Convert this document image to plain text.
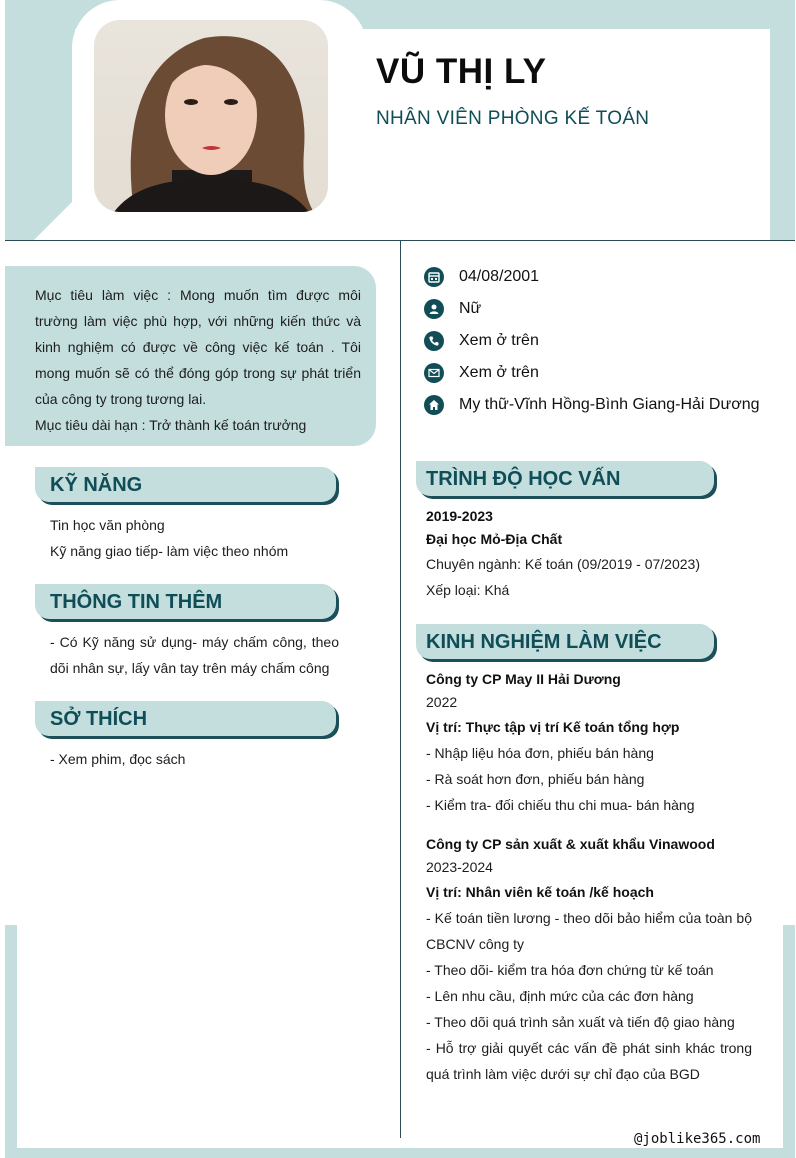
VŨ THỊ LY
NHÂN VIÊN PHÒNG KẾ TOÁN

Mục tiêu làm việc : Mong muốn tìm được môi trường làm việc phù hợp, với những kiến thức và kinh nghiệm có được về công việc kế toán . Tôi mong muốn sẽ có thể đóng góp trong sự phát triển của công ty trong tương lai.

Mục tiêu dài hạn : Trở thành kế toán trưởng

KỸ NĂNG
Tin học văn phòng
Kỹ năng giao tiếp- làm việc theo nhóm
THÔNG TIN THÊM
- Có Kỹ năng sử dụng- máy chấm công, theo dõi nhân sự, lấy vân tay trên máy chấm công
SỞ THÍCH
- Xem phim, đọc sách
04/08/2001
Nữ
Xem ở trên
Xem ở trên
My thữ-Vĩnh Hồng-Bình Giang-Hải Dương
TRÌNH ĐỘ HỌC VẤN
2019-2023
Đại học Mỏ-Địa Chất
Chuyên ngành: Kế toán (09/2019 - 07/2023)
Xếp loại: Khá
KINH NGHIỆM LÀM VIỆC
Công ty CP May II Hải Dương
2022
Vị trí: Thực tập vị trí Kế toán tổng hợp
- Nhập liệu hóa đơn, phiếu bán hàng
- Rà soát hơn đơn, phiếu bán hàng
- Kiểm tra- đối chiếu thu chi mua- bán hàng
Công ty CP sản xuất & xuất khẩu Vinawood
2023-2024
Vị trí: Nhân viên kế toán /kế hoạch
- Kế toán tiền lương - theo dõi bảo hiểm của toàn bộ CBCNV công ty
- Theo dõi- kiểm tra hóa đơn chứng từ kế toán
- Lên nhu cầu, định mức của các đơn hàng
- Theo dõi quá trình sản xuất và tiến độ giao hàng
- Hỗ trợ giải quyết các vấn đề phát sinh khác trong quá trình làm việc dưới sự chỉ đạo của BGD
@joblike365.com
